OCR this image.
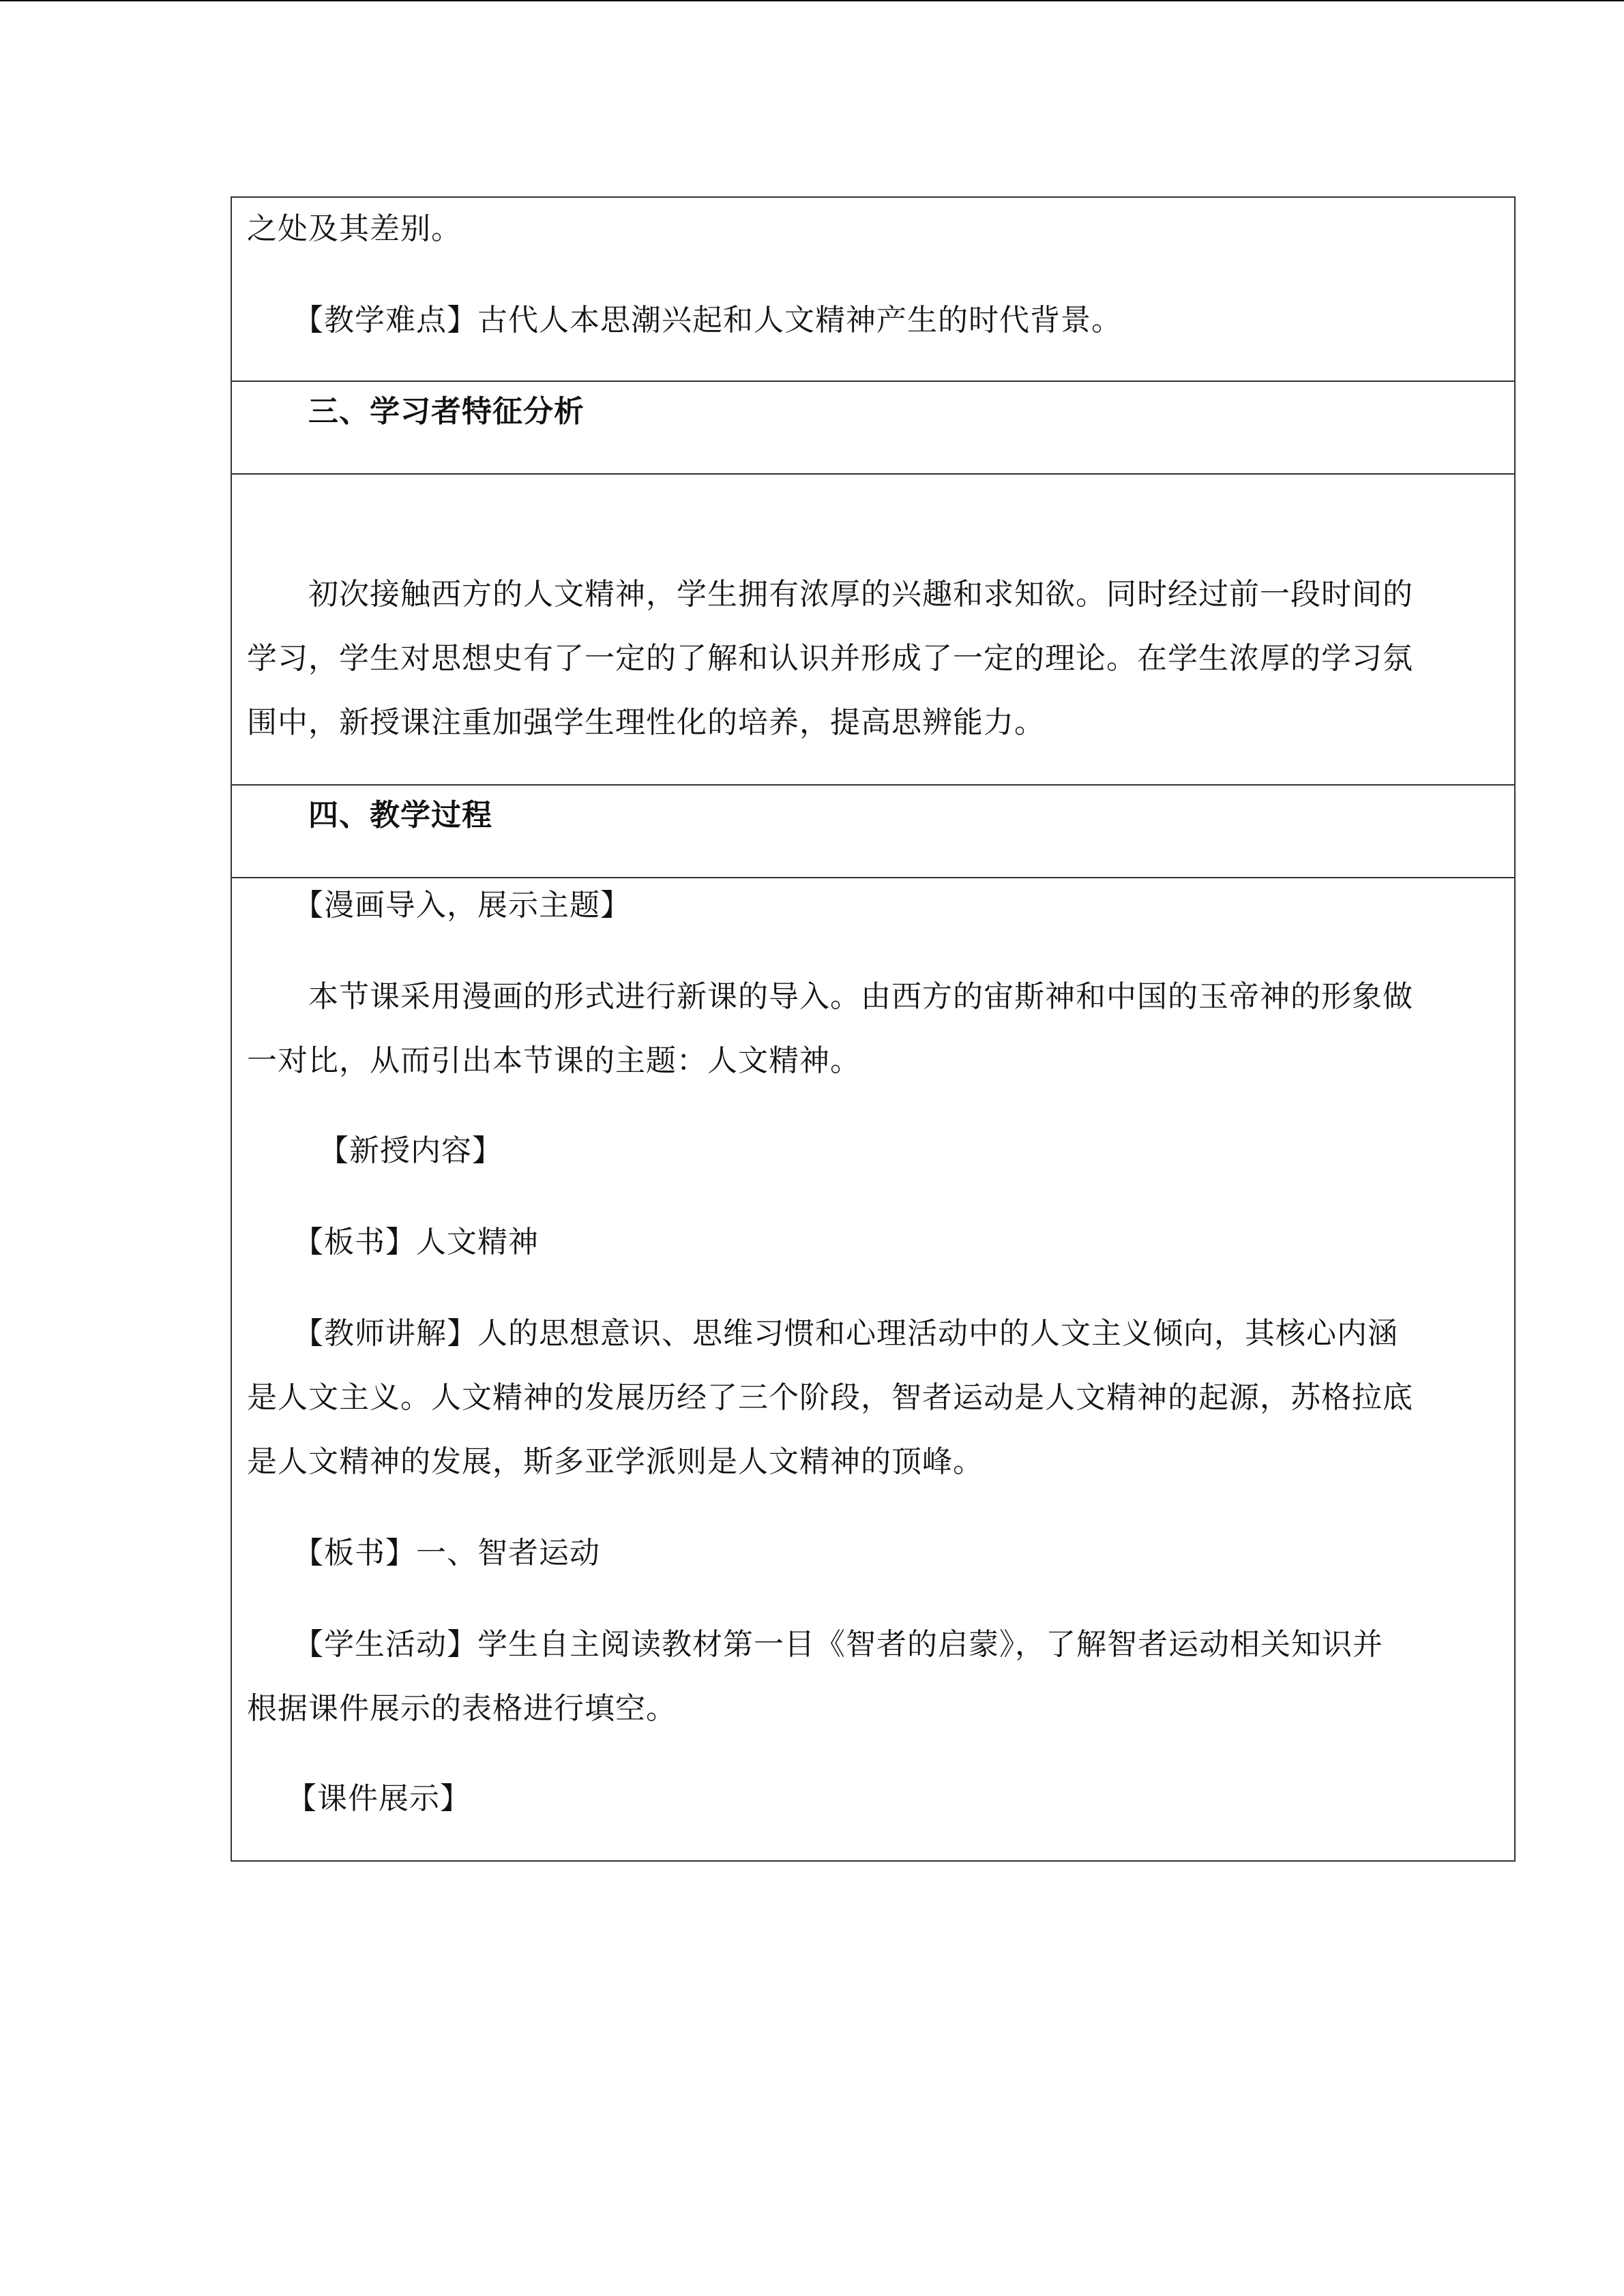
之处及其差别。
　　【教学难点】古代人本思潮兴起和人文精神产生的时代背景。
　　三、学习者特征分析
　　初次接触西方的人文精神，学生拥有浓厚的兴趣和求知欲。同时经过前一段时间的
学习，学生对思想史有了一定的了解和认识并形成了一定的理论。在学生浓厚的学习氛
围中，新授课注重加强学生理性化的培养，提高思辨能力。
　　四、教学过程
　　【漫画导入，展示主题】
　　本节课采用漫画的形式进行新课的导入。由西方的宙斯神和中国的玉帝神的形象做
一对比，从而引出本节课的主题：人文精神。
　　 【新授内容】
　　【板书】人文精神
　　【教师讲解】人的思想意识、思维习惯和心理活动中的人文主义倾向，其核心内涵
是人文主义。人文精神的发展历经了三个阶段，智者运动是人文精神的起源，苏格拉底
是人文精神的发展，斯多亚学派则是人文精神的顶峰。
　　【板书】一、智者运动
　　【学生活动】学生自主阅读教材第一目《智者的启蒙》，了解智者运动相关知识并
根据课件展示的表格进行填空。
　　【课件展示】
